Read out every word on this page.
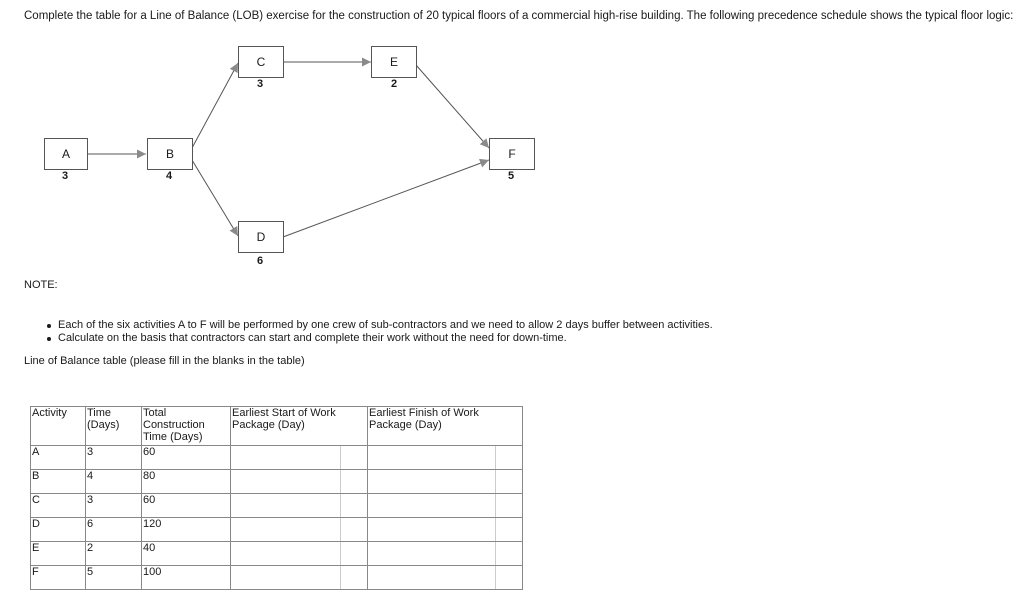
Complete the table for a Line of Balance (LOB) exercise for the construction of 20 typical floors of a commercial high-rise building. The following precedence schedule shows the typical floor logic:
A
3
B
4
C
3
D
6
E
2
F
5
NOTE:
Each of the six activities A to F will be performed by one crew of sub-contractors and we need to allow 2 days buffer between activities.
Calculate on the basis that contractors can start and complete their work without the need for down-time.
Line of Balance table (please fill in the blanks in the table)
Activity	Time (Days)	Total Construction Time (Days)	Earliest Start of Work Package (Day)	Earliest Finish of Work Package (Day)
A	3	60	

B	4	80	

C	3	60	

D	6	120	

E	2	40	

F	5	100	
